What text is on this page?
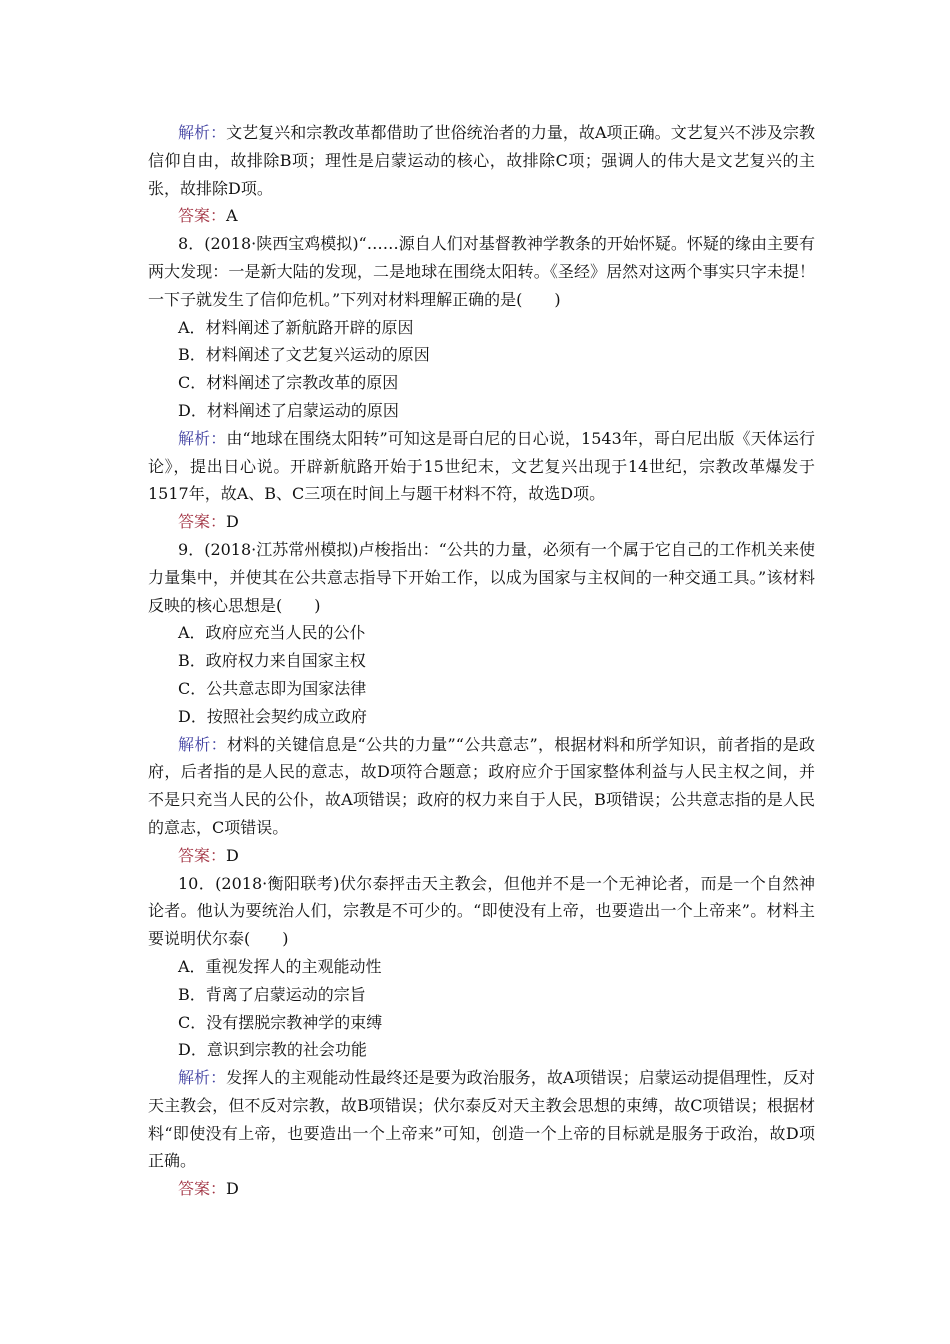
解析：文艺复兴和宗教改革都借助了世俗统治者的力量，故A项正确。文艺复兴不涉及宗教信仰自由，故排除B项；理性是启蒙运动的核心，故排除C项；强调人的伟大是文艺复兴的主张，故排除D项。

答案：A

8．(2018·陕西宝鸡模拟)“……源自人们对基督教神学教条的开始怀疑。怀疑的缘由主要有两大发现：一是新大陆的发现，二是地球在围绕太阳转。《圣经》居然对这两个事实只字未提！一下子就发生了信仰危机。”下列对材料理解正确的是(　　)

A．材料阐述了新航路开辟的原因

B．材料阐述了文艺复兴运动的原因

C．材料阐述了宗教改革的原因

D．材料阐述了启蒙运动的原因

解析：由“地球在围绕太阳转”可知这是哥白尼的日心说，1543年，哥白尼出版《天体运行论》，提出日心说。开辟新航路开始于15世纪末，文艺复兴出现于14世纪，宗教改革爆发于1517年，故A、B、C三项在时间上与题干材料不符，故选D项。

答案：D

9．(2018·江苏常州模拟)卢梭指出：“公共的力量，必须有一个属于它自己的工作机关来使力量集中，并使其在公共意志指导下开始工作，以成为国家与主权间的一种交通工具。”该材料反映的核心思想是(　　)

A．政府应充当人民的公仆

B．政府权力来自国家主权

C．公共意志即为国家法律

D．按照社会契约成立政府

解析：材料的关键信息是“公共的力量”“公共意志”，根据材料和所学知识，前者指的是政府，后者指的是人民的意志，故D项符合题意；政府应介于国家整体利益与人民主权之间，并不是只充当人民的公仆，故A项错误；政府的权力来自于人民，B项错误；公共意志指的是人民的意志，C项错误。

答案：D

10．(2018·衡阳联考)伏尔泰抨击天主教会，但他并不是一个无神论者，而是一个自然神论者。他认为要统治人们，宗教是不可少的。“即使没有上帝，也要造出一个上帝来”。材料主要说明伏尔泰(　　)

A．重视发挥人的主观能动性

B．背离了启蒙运动的宗旨

C．没有摆脱宗教神学的束缚

D．意识到宗教的社会功能

解析：发挥人的主观能动性最终还是要为政治服务，故A项错误；启蒙运动提倡理性，反对天主教会，但不反对宗教，故B项错误；伏尔泰反对天主教会思想的束缚，故C项错误；根据材料“即使没有上帝，也要造出一个上帝来”可知，创造一个上帝的目标就是服务于政治，故D项正确。

答案：D
